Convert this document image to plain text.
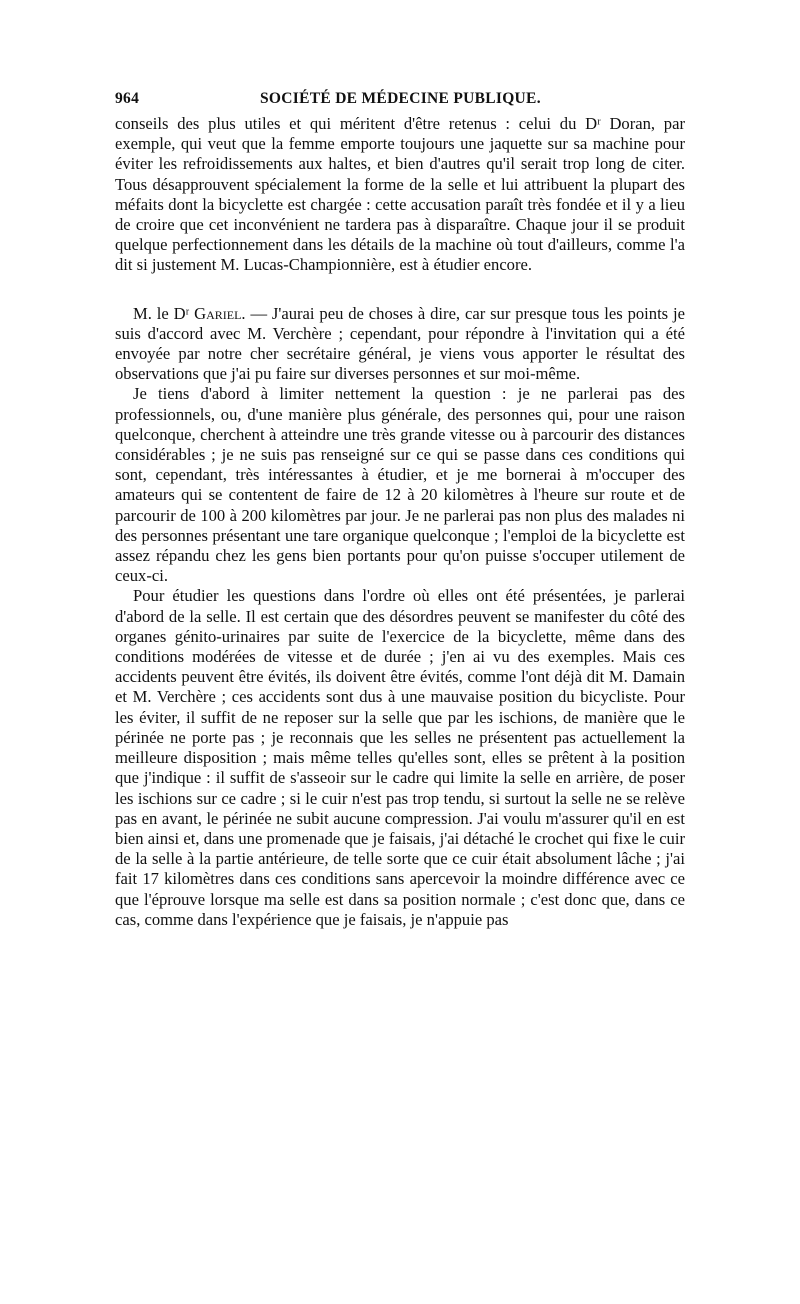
964	SOCIÉTÉ DE MÉDECINE PUBLIQUE.

conseils des plus utiles et qui méritent d'être retenus : celui du Dʳ Doran, par exemple, qui veut que la femme emporte toujours une jaquette sur sa machine pour éviter les refroidissements aux haltes, et bien d'autres qu'il serait trop long de citer. Tous désapprouvent spécialement la forme de la selle et lui attribuent la plupart des méfaits dont la bicyclette est chargée : cette accusation paraît très fondée et il y a lieu de croire que cet inconvénient ne tardera pas à disparaître. Chaque jour il se produit quelque perfectionnement dans les détails de la machine où tout d'ailleurs, comme l'a dit si justement M. Lucas-Championnière, est à étudier encore.

M. le Dʳ Gariel. — J'aurai peu de choses à dire, car sur presque tous les points je suis d'accord avec M. Verchère ; cependant, pour répondre à l'invitation qui a été envoyée par notre cher secrétaire général, je viens vous apporter le résultat des observations que j'ai pu faire sur diverses personnes et sur moi-même.

Je tiens d'abord à limiter nettement la question : je ne parlerai pas des professionnels, ou, d'une manière plus générale, des personnes qui, pour une raison quelconque, cherchent à atteindre une très grande vitesse ou à parcourir des distances considérables ; je ne suis pas renseigné sur ce qui se passe dans ces conditions qui sont, cependant, très intéressantes à étudier, et je me bornerai à m'occuper des amateurs qui se contentent de faire de 12 à 20 kilomètres à l'heure sur route et de parcourir de 100 à 200 kilomètres par jour. Je ne parlerai pas non plus des malades ni des personnes présentant une tare organique quelconque ; l'emploi de la bicyclette est assez répandu chez les gens bien portants pour qu'on puisse s'occuper utilement de ceux-ci.

Pour étudier les questions dans l'ordre où elles ont été présentées, je parlerai d'abord de la selle. Il est certain que des désordres peuvent se manifester du côté des organes génito-urinaires par suite de l'exercice de la bicyclette, même dans des conditions modérées de vitesse et de durée ; j'en ai vu des exemples. Mais ces accidents peuvent être évités, ils doivent être évités, comme l'ont déjà dit M. Damain et M. Verchère ; ces accidents sont dus à une mauvaise position du bicycliste. Pour les éviter, il suffit de ne reposer sur la selle que par les ischions, de manière que le périnée ne porte pas ; je reconnais que les selles ne présentent pas actuellement la meilleure disposition ; mais même telles qu'elles sont, elles se prêtent à la position que j'indique : il suffit de s'asseoir sur le cadre qui limite la selle en arrière, de poser les ischions sur ce cadre ; si le cuir n'est pas trop tendu, si surtout la selle ne se relève pas en avant, le périnée ne subit aucune compression. J'ai voulu m'assurer qu'il en est bien ainsi et, dans une promenade que je faisais, j'ai détaché le crochet qui fixe le cuir de la selle à la partie antérieure, de telle sorte que ce cuir était absolument lâche ; j'ai fait 17 kilomètres dans ces conditions sans apercevoir la moindre différence avec ce que l'éprouve lorsque ma selle est dans sa position normale ; c'est donc que, dans ce cas, comme dans l'expérience que je faisais, je n'appuie pas
